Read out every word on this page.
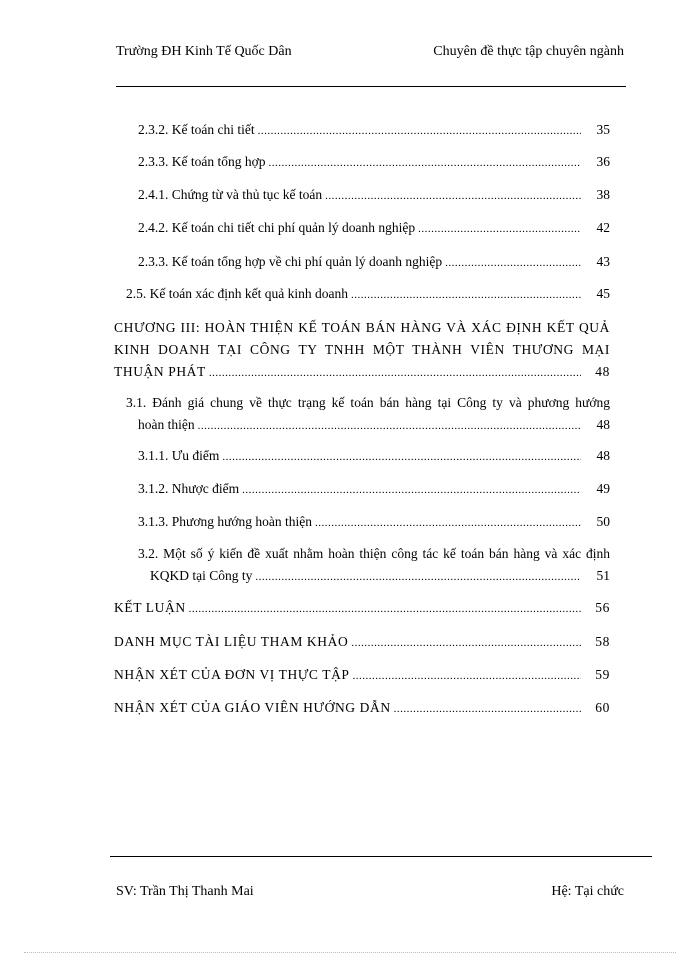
Trường ĐH Kinh Tế Quốc Dân	Chuyên đề thực tập chuyên ngành
2.3.2. Kế toán chi tiết .....	35
2.3.3. Kế toán tổng hợp .....	36
2.4.1. Chứng từ và thủ tục kế toán .....	38
2.4.2. Kế toán chi tiết chi phí quản lý doanh nghiệp .....	42
2.3.3. Kế toán tổng hợp về chi phí quản lý doanh nghiệp .....	43
2.5. Kế toán xác định kết quả kinh doanh .....	45
CHƯƠNG III: HOÀN THIỆN KẾ TOÁN BÁN HÀNG VÀ XÁC ĐỊNH KẾT QUẢ
KINH DOANH TẠI CÔNG TY TNHH MỘT THÀNH VIÊN THƯƠNG MẠI
THUẬN PHÁT .....	48
3.1. Đánh giá chung về thực trạng kế toán bán hàng tại Công ty và phương hướng
hoàn thiện .....	48
3.1.1. Ưu điểm .....	48
3.1.2. Nhược điểm .....	49
3.1.3. Phương hướng hoàn thiện .....	50
3.2. Một số ý kiến đề xuất nhằm hoàn thiện công tác kế toán bán hàng và xác định
KQKD tại Công ty .....	51
KẾT LUẬN .....	56
DANH MỤC TÀI LIỆU THAM KHẢO .....	58
NHẬN XÉT CỦA ĐƠN VỊ THỰC TẬP .....	59
NHẬN XÉT CỦA GIÁO VIÊN HƯỚNG DẪN .....	60
SV: Trần Thị Thanh Mai	Hệ: Tại chức
